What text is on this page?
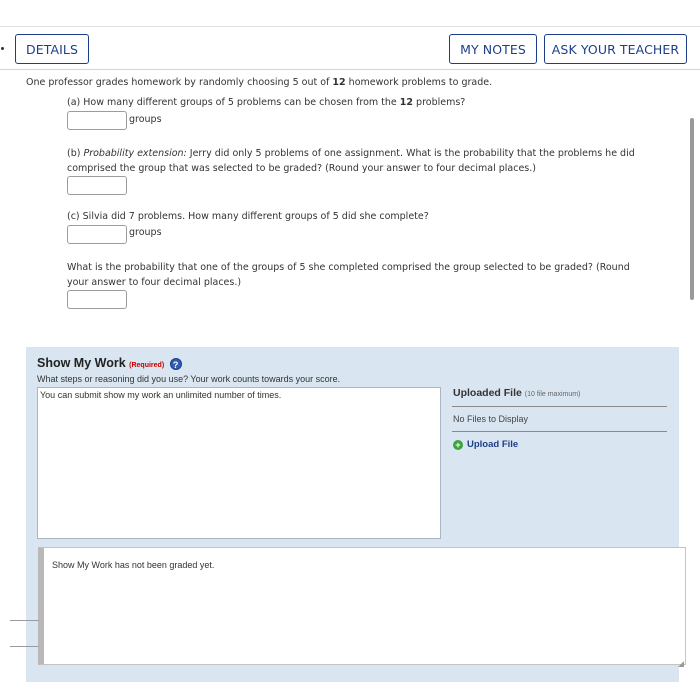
DETAILS	MY NOTES	ASK YOUR TEACHER
One professor grades homework by randomly choosing 5 out of 12 homework problems to grade.
(a) How many different groups of 5 problems can be chosen from the 12 problems?
groups
(b) Probability extension: Jerry did only 5 problems of one assignment. What is the probability that the problems he did
comprised the group that was selected to be graded? (Round your answer to four decimal places.)
(c) Silvia did 7 problems. How many different groups of 5 did she complete?
groups
What is the probability that one of the groups of 5 she completed comprised the group selected to be graded? (Round
your answer to four decimal places.)
Show My Work (Required) ?
What steps or reasoning did you use? Your work counts towards your score.
You can submit show my work an unlimited number of times.	Uploaded File (10 file maximum)
No Files to Display
+ Upload File
Show My Work has not been graded yet.
